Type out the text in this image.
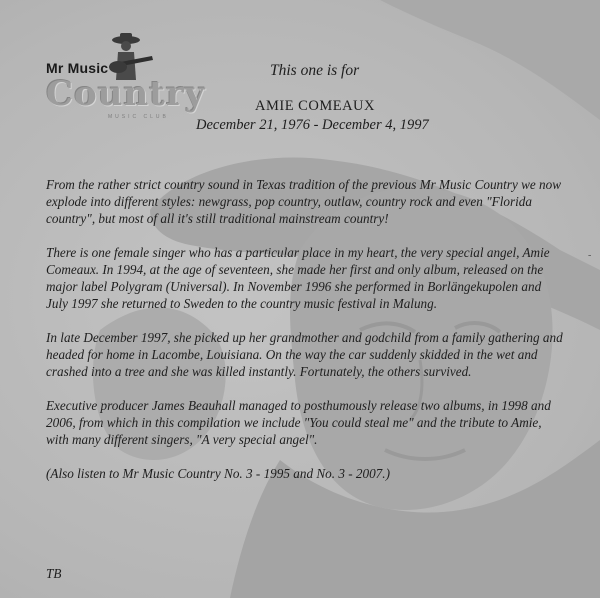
Mr Music
Country
MUSIC CLUB
This one is for
AMIE COMEAUX
December 21, 1976 - December 4, 1997

From the rather strict country sound in Texas tradition of the previous Mr Music Country we now explode into different styles: newgrass, pop country, outlaw, country rock and even "Florida country", but most of all it's still traditional mainstream country!

There is one female singer who has a particular place in my heart, the very special angel, Amie Comeaux. In 1994, at the age of seventeen, she made her first and only album, released on the major label Polygram (Universal). In November 1996 she performed in Borlängekupolen and July 1997 she returned to Sweden to the country music festival in Malung.

In late December 1997, she picked up her grandmother and godchild from a family gathering and headed for home in Lacombe, Louisiana. On the way the car suddenly skidded in the wet and crashed into a tree and she was killed instantly. Fortunately, the others survived.

Executive producer James Beauhall managed to posthumously release two albums, in 1998 and 2006, from which in this compilation we include "You could steal me" and the tribute to Amie, with many different singers, "A very special angel".

(Also listen to Mr Music Country No. 3 - 1995 and No. 3 - 2007.)

TB
-
